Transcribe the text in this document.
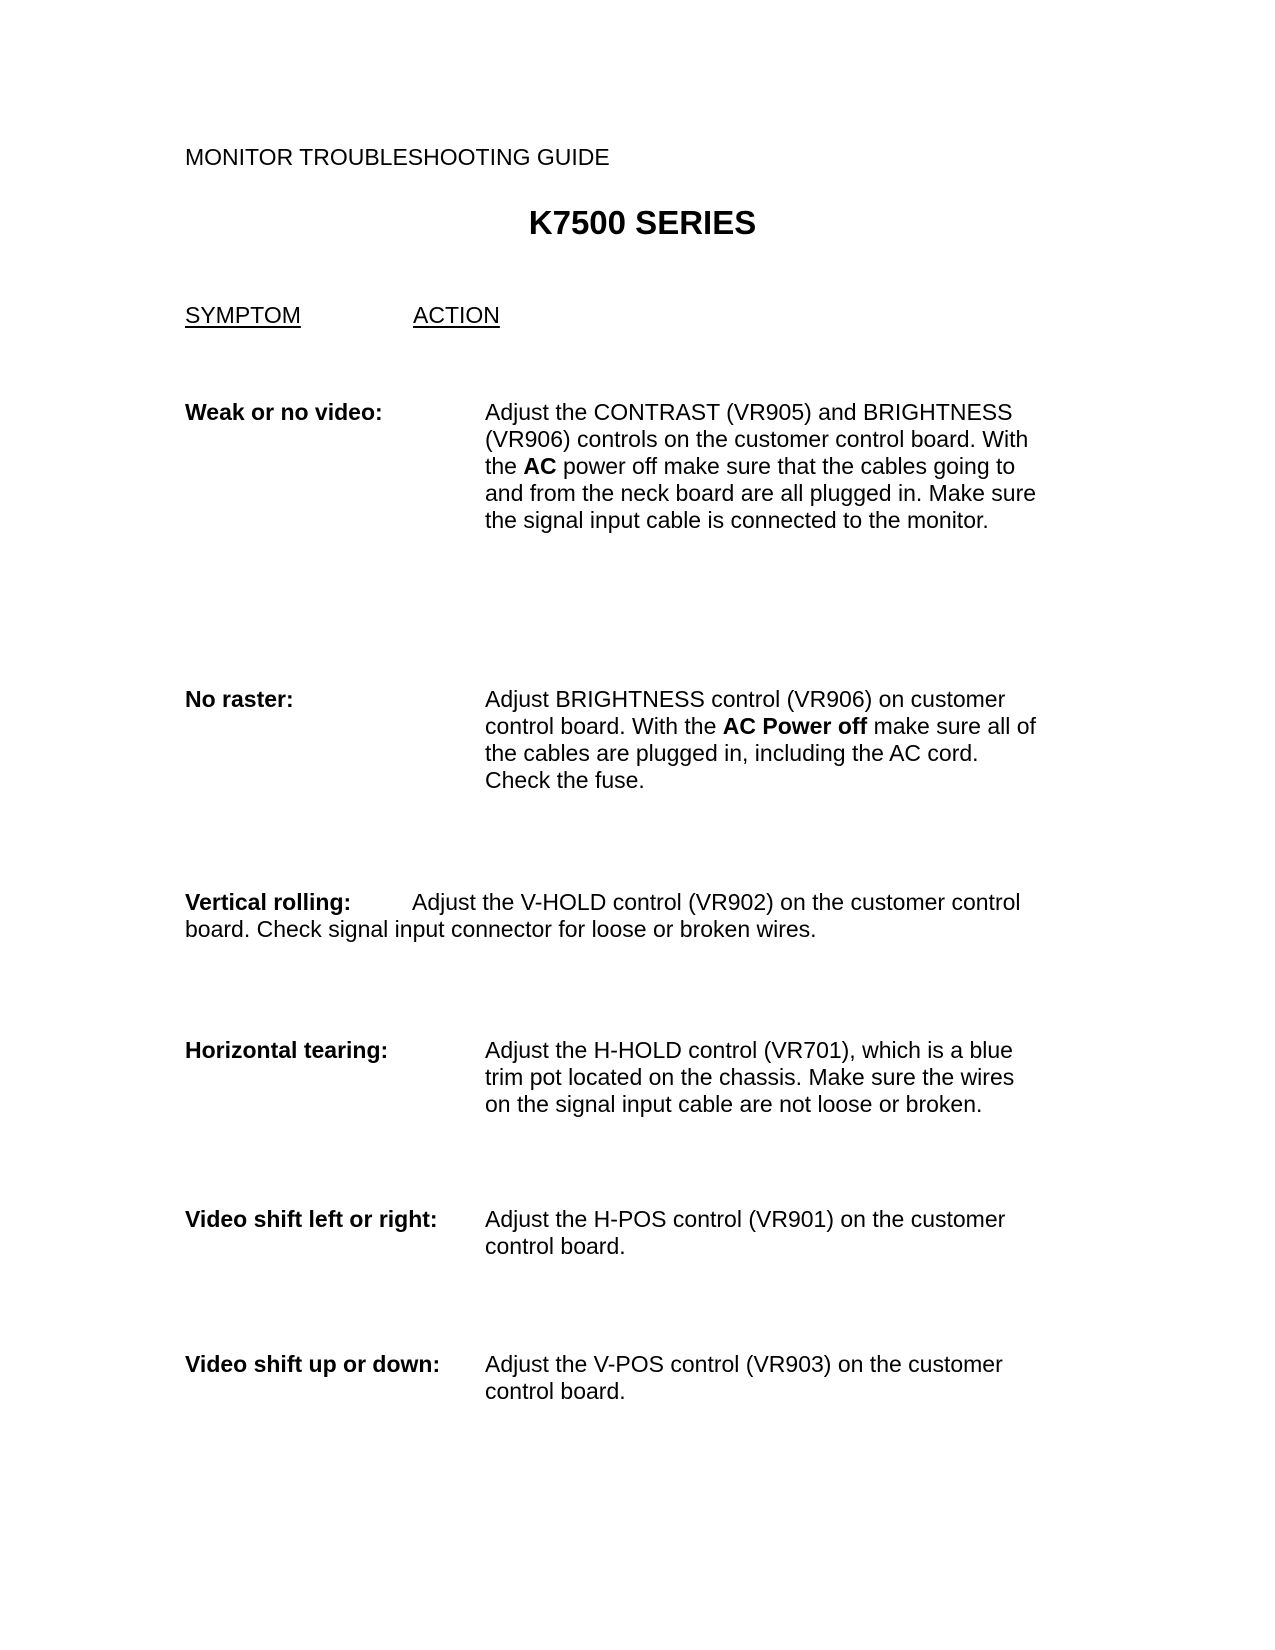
MONITOR TROUBLESHOOTING GUIDE
K7500 SERIES
SYMPTOM	ACTION
Weak or no video:	Adjust the CONTRAST (VR905) and BRIGHTNESS
(VR906) controls on the customer control board. With
the AC power off make sure that the cables going to
and from the neck board are all plugged in. Make sure
the signal input cable is connected to the monitor.
No raster:	Adjust BRIGHTNESS control (VR906) on customer
control board. With the AC Power off make sure all of
the cables are plugged in, including the AC cord.
Check the fuse.
Vertical rolling:	Adjust the V-HOLD control (VR902) on the customer control
board. Check signal input connector for loose or broken wires.
Horizontal tearing:	Adjust the H-HOLD control (VR701), which is a blue
trim pot located on the chassis. Make sure the wires
on the signal input cable are not loose or broken.
Video shift left or right:	Adjust the H-POS control (VR901) on the customer
control board.
Video shift up or down:	Adjust the V-POS control (VR903) on the customer
control board.
